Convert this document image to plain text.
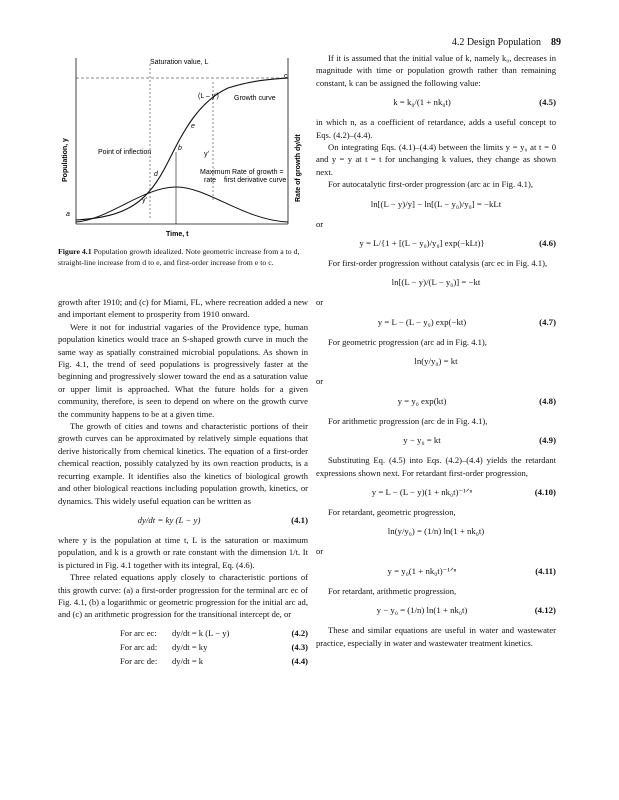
4.2 Design Population 89
Saturation value, L
c
(L – y′) Growth curve
e
Point of inflection
b
y′
d	Maximum
rate
Rate of growth =
first derivative curve
y′
a
Time, t
Population, y	Rate of growth dy/dt
Figure 4.1 Population growth idealized. Note geometric increase from a to d, straight-line increase from d to e, and first-order increase from e to c.

growth after 1910; and (c) for Miami, FL, where recreation added a new and important element to prosperity from 1910 onward.

Were it not for industrial vagaries of the Providence type, human population kinetics would trace an S-shaped growth curve in much the same way as spatially constrained microbial populations. As shown in Fig. 4.1, the trend of seed populations is progressively faster at the beginning and progressively slower toward the end as a saturation value or upper limit is approached. What the future holds for a given community, therefore, is seen to depend on where on the growth curve the community happens to be at a given time.

The growth of cities and towns and characteristic portions of their growth curves can be approximated by relatively simple equations that derive historically from chemical kinetics. The equation of a first-order chemical reaction, possibly catalyzed by its own reaction products, is a recurring example. It identifies also the kinetics of biological growth and other biological reactions including population growth, kinetics, or dynamics. This widely useful equation can be written as

dy/dt = ky (L − y)	(4.1)

where y is the population at time t, L is the saturation or maximum population, and k is a growth or rate constant with the dimension 1/t. It is pictured in Fig. 4.1 together with its integral, Eq. (4.6).

Three related equations apply closely to characteristic portions of this growth curve: (a) a first-order progression for the terminal arc ec of Fig. 4.1, (b) a logarithmic or geometric progression for the initial arc ad, and (c) an arithmetic progression for the transitional intercept de, or

For arc ec: dy/dt = k (L − y)	(4.2)
For arc ad: dy/dt = ky	(4.3)
For arc de: dy/dt = k	(4.4)

If it is assumed that the initial value of k, namely k₀, decreases in magnitude with time or population growth rather than remaining constant, k can be assigned the following value:

k = k₀/(1 + nk₀t)	(4.5)

in which n, as a coefficient of retardance, adds a useful concept to Eqs. (4.2)–(4.4).

On integrating Eqs. (4.1)–(4.4) between the limits y = y₀ at t = 0 and y = y at t = t for unchanging k values, they change as shown next.

For autocatalytic first-order progression (arc ac in Fig. 4.1),

ln[(L − y)/y] − ln[(L − y₀)/y₀] = −kLt

or

y = L/{1 + [(L − y₀)/y₀] exp(−kLt)}	(4.6)

For first-order progression without catalysis (arc ec in Fig. 4.1),

ln[(L − y)/(L − y₀)] = −kt

or

y = L − (L − y₀) exp(−kt)	(4.7)

For geometric progression (arc ad in Fig. 4.1),

ln(y/y₀) = kt

or

y = y₀ exp(kt)	(4.8)

For arithmetic progression (arc de in Fig. 4.1),

y − y₀ = kt	(4.9)

Substituting Eq. (4.5) into Eqs. (4.2)–(4.4) yields the retardant expressions shown next. For retardant first-order progression,

y = L − (L − y)(1 + nk₀t)⁻¹ᐟⁿ	(4.10)

For retardant, geometric progression,

ln(y/y₀) = (1/n) ln(1 + nk₀t)

or

y = y₀(1 + nk₀t)⁻¹ᐟⁿ	(4.11)

For retardant, arithmetic progression,

y − y₀ = (1/n) ln(1 + nk₀t)	(4.12)

These and similar equations are useful in water and wastewater practice, especially in water and wastewater treatment kinetics.
